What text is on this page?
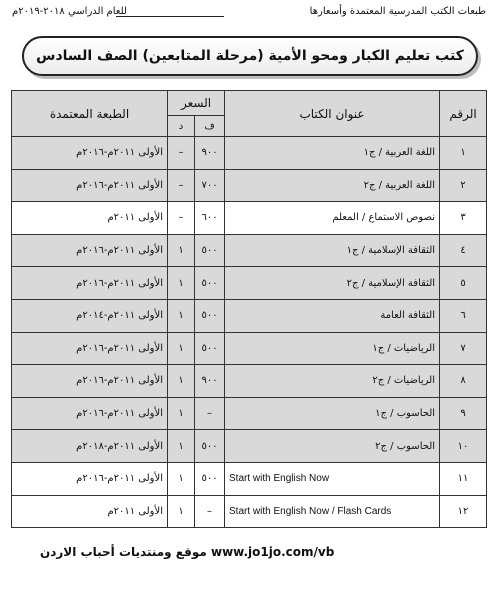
طبعات الكتب المدرسية المعتمدة وأسعارها
للعام الدراسي ٢٠١٨-٢٠١٩م
كتب تعليم الكبار ومحو الأمية (مرحلة المتابعين) الصف السادس
الرقم	عنوان الكتاب	السعر		الطبعة المعتمدة
		ف	د	
١	اللغة العربية / ج١	٩٠٠	–	الأولى ٢٠١١م-٢٠١٦م
٢	اللغة العربية / ج٢	٧٠٠	–	الأولى ٢٠١١م-٢٠١٦م
٣	نصوص الاستماع / المعلم	٦٠٠	–	الأولى ٢٠١١م
٤	الثقافة الإسلامية / ج١	٥٠٠	١	الأولى ٢٠١١م-٢٠١٦م
٥	الثقافة الإسلامية / ج٢	٥٠٠	١	الأولى ٢٠١١م-٢٠١٦م
٦	الثقافة العامة	٥٠٠	١	الأولى ٢٠١١م-٢٠١٤م
٧	الرياضيات / ج١	٥٠٠	١	الأولى ٢٠١١م-٢٠١٦م
٨	الرياضيات / ج٢	٩٠٠	١	الأولى ٢٠١١م-٢٠١٦م
٩	الحاسوب / ج١	–	١	الأولى ٢٠١١م-٢٠١٦م
١٠	الحاسوب / ج٢	٥٠٠	١	الأولى ٢٠١١م-٢٠١٨م
١١	Start with English Now	٥٠٠	١	الأولى ٢٠١١م-٢٠١٦م
١٢	Start with English Now / Flash Cards	–	١	الأولى ٢٠١١م
www.jo1jo.com/vb موقع ومنتديات أحباب الاردن
